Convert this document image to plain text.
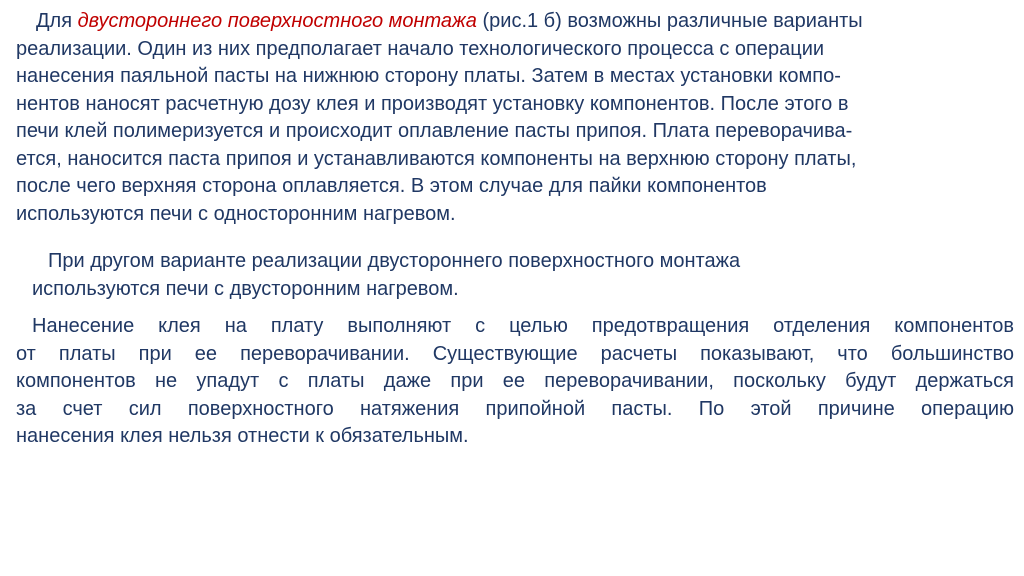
Для двустороннего поверхностного монтажа (рис.1 б) возможны различные варианты
реализации. Один из них предполагает начало технологического процесса с операции
нанесения паяльной пасты на нижнюю сторону платы. Затем в местах установки компо-
нентов наносят расчетную дозу клея и производят установку компонентов. После этого в
печи клей полимеризуется и происходит оплавление пасты припоя. Плата переворачива-
ется, наносится паста припоя и устанавливаются компоненты на верхнюю сторону платы,
после чего верхняя сторона оплавляется. В этом случае для пайки компонентов
используются печи с односторонним нагревом.
При другом варианте реализации двустороннего поверхностного монтажа
используются печи с двусторонним нагревом.
Нанесение клея на плату выполняют с целью предотвращения отделения компонентов
от платы при ее переворачивании. Существующие расчеты показывают, что большинство
компонентов не упадут с платы даже при ее переворачивании, поскольку будут держаться
за счет сил поверхностного натяжения припойной пасты. По этой причине операцию
нанесения клея нельзя отнести к обязательным.
